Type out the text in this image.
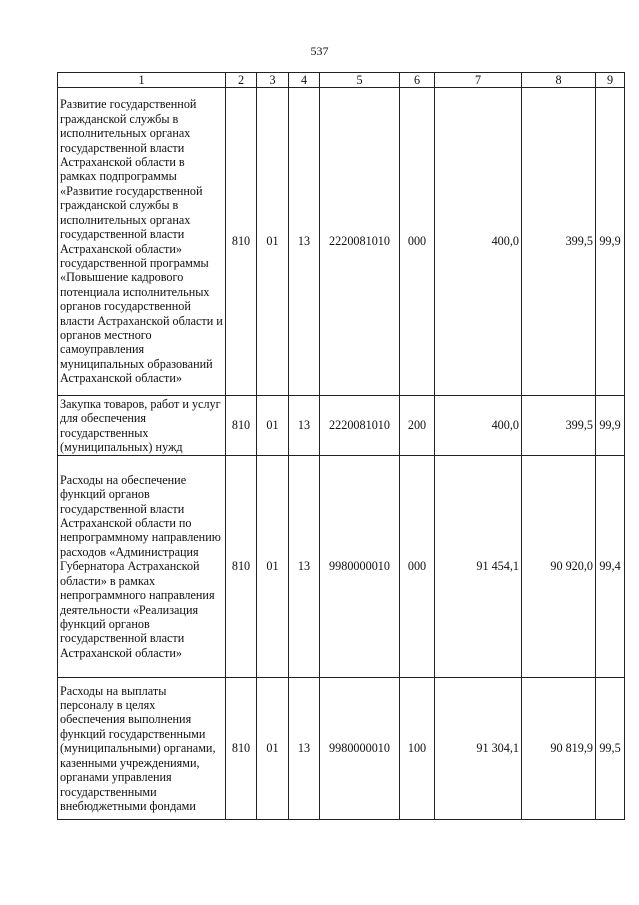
537
1	2	3	4	5	6	7	8	9
Развитие государственной гражданской службы в исполнительных органах государственной власти Астраханской области в рамках подпрограммы «Развитие государственной гражданской службы в исполнительных органах государственной власти Астраханской области» государственной программы «Повышение кадрового потенциала исполнительных органов государственной власти Астраханской области и органов местного самоуправления муниципальных образований Астраханской области»	810	01	13	2220081010	000	400,0	399,5	99,9
Закупка товаров, работ и услуг для обеспечения государственных (муниципальных) нужд	810	01	13	2220081010	200	400,0	399,5	99,9
Расходы на обеспечение функций органов государственной власти Астраханской области по непрограммному направлению расходов «Администрация Губернатора Астраханской области» в рамках непрограммного направления деятельности «Реализация функций органов государственной власти Астраханской области»	810	01	13	9980000010	000	91 454,1	90 920,0	99,4
Расходы на выплаты персоналу в целях обеспечения выполнения функций государственными (муниципальными) органами, казенными учреждениями, органами управления государственными внебюджетными фондами	810	01	13	9980000010	100	91 304,1	90 819,9	99,5
